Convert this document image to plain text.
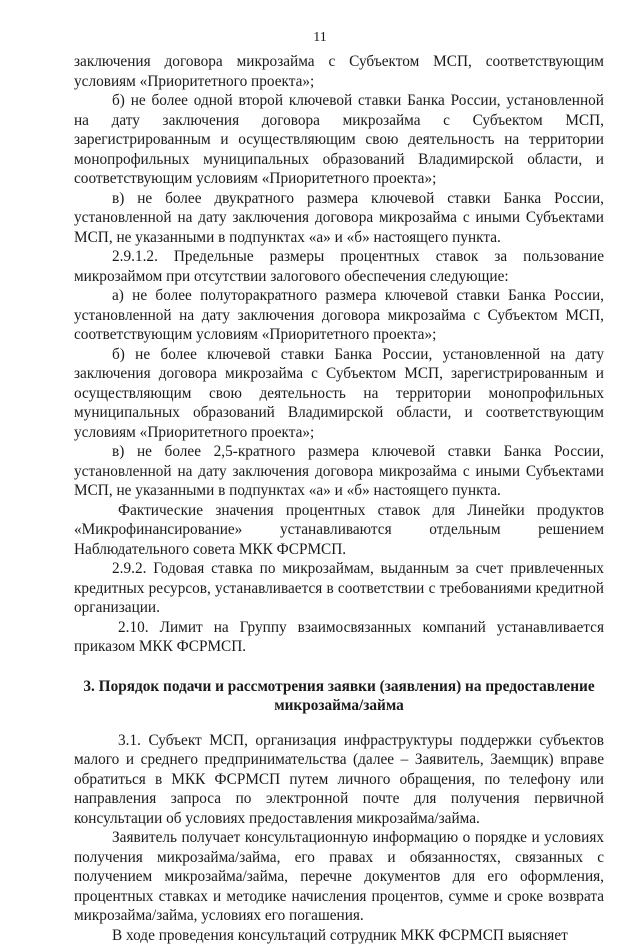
11

заключения договора микрозайма с Субъектом МСП, соответствующим условиям «Приоритетного проекта»;

б) не более одной второй ключевой ставки Банка России, установленной на дату заключения договора микрозайма с Субъектом МСП, зарегистрированным и осуществляющим свою деятельность на территории монопрофильных муниципальных образований Владимирской области, и соответствующим условиям «Приоритетного проекта»;

в) не более двукратного размера ключевой ставки Банка России, установленной на дату заключения договора микрозайма с иными Субъектами МСП, не указанными в подпунктах «а» и «б» настоящего пункта.

2.9.1.2. Предельные размеры процентных ставок за пользование микрозаймом при отсутствии залогового обеспечения следующие:

а) не более полуторакратного размера ключевой ставки Банка России, установленной на дату заключения договора микрозайма с Субъектом МСП, соответствующим условиям «Приоритетного проекта»;

б) не более ключевой ставки Банка России, установленной на дату заключения договора микрозайма с Субъектом МСП, зарегистрированным и осуществляющим свою деятельность на территории монопрофильных муниципальных образований Владимирской области, и соответствующим условиям «Приоритетного проекта»;

в) не более 2,5-кратного размера ключевой ставки Банка России, установленной на дату заключения договора микрозайма с иными Субъектами МСП, не указанными в подпунктах «а» и «б» настоящего пункта.

Фактические значения процентных ставок для Линейки продуктов «Микрофинансирование» устанавливаются отдельным решением Наблюдательного совета МКК ФСРМСП.

2.9.2. Годовая ставка по микрозаймам, выданным за счет привлеченных кредитных ресурсов, устанавливается в соответствии с требованиями кредитной организации.

2.10. Лимит на Группу взаимосвязанных компаний устанавливается приказом МКК ФСРМСП.

3. Порядок подачи и рассмотрения заявки (заявления) на предоставление микрозайма/займа

3.1. Субъект МСП, организация инфраструктуры поддержки субъектов малого и среднего предпринимательства (далее – Заявитель, Заемщик) вправе обратиться в МКК ФСРМСП путем личного обращения, по телефону или направления запроса по электронной почте для получения первичной консультации об условиях предоставления микрозайма/займа.

Заявитель получает консультационную информацию о порядке и условиях получения микрозайма/займа, его правах и обязанностях, связанных с получением микрозайма/займа, перечне документов для его оформления, процентных ставках и методике начисления процентов, сумме и сроке возврата микрозайма/займа, условиях его погашения.

В ходе проведения консультаций сотрудник МКК ФСРМСП выясняет
